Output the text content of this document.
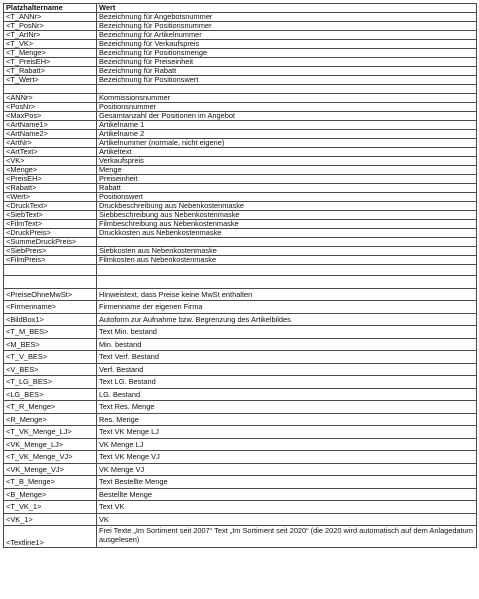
Platzhaltername	Wert
<T_ANNr>	Bezeichnung für Angebotsnummer
<T_PosNr>	Bezeichnung für Positionsnummer
<T_ArtNr>	Bezeichnung für Artikelnummer
<T_VK>	Bezeichnung für Verkaufspreis
<T_Menge>	Bezeichnung für Positionsmenge
<T_PreisEH>	Bezeichnung für Preiseinheit
<T_Rabatt>	Bezeichnung für Rabatt
<T_Wert>	Bezeichnung für Positionswert

<ANNr>	Kommissionsnummer
<PosNr>	Positionsnummer
<MaxPos>	Gesamtanzahl der Positionen im Angebot
<ArtName1>	Artikelname 1
<ArtName2>	Artikelname 2
<ArtNr>	Artikelnummer (normale, nicht eigene)
<ArtText>	Artikeltext
<VK>	Verkaufspreis
<Menge>	Menge
<PreisEH>	Preiseinheit
<Rabatt>	Rabatt
<Wert>	Positionswert
<DruckText>	Druckbeschreibung aus Nebenkostenmaske
<SiebText>	Siebbeschreibung aus Nebenkostenmaske
<FilmText>	Filmbeschreibung aus Nebenkostenmaske
<DruckPreis>	Druckkosten aus Nebenkostenmaske
<SummeDruckPreis>	
<SiebPreis>	Siebkosten aus Nebenkostenmaske
<FilmPreis>	Filmkosten aus Nebenkostenmaske

<PreiseOhneMwSt>	Hinweistext, dass Preise keine MwSt enthalten
<Firmenname>	Firmenname der eigenen Firma
<BildBox1>	Autoform zur Aufnahme bzw. Begrenzung des Artikelbildes
<T_M_BES>	Text Min. bestand
<M_BES>	Min. bestand
<T_V_BES>	Text Verf. Bestand
<V_BES>	Verf. Bestand
<T_LG_BES>	Text LG. Bestand
<LG_BES>	LG. Bestand
<T_R_Menge>	Text Res. Menge
<R_Menge>	Res. Menge
<T_VK_Menge_LJ>	Text VK Menge LJ
<VK_Menge_LJ>	VK Menge LJ
<T_VK_Menge_VJ>	Text VK Menge VJ
<VK_Menge_VJ>	VK Menge VJ
<T_B_Menge>	Text Bestellte Menge
<B_Menge>	Bestellte Menge
<T_VK_1>	Text VK
<VK_1>	VK
<Textline1>	Frei Texte „Im Sortiment seit 2007“ Text „Im Sortiment seit 2020“ (die 2020 wird automatisch auf dem Anlagedatum ausgelesen)
